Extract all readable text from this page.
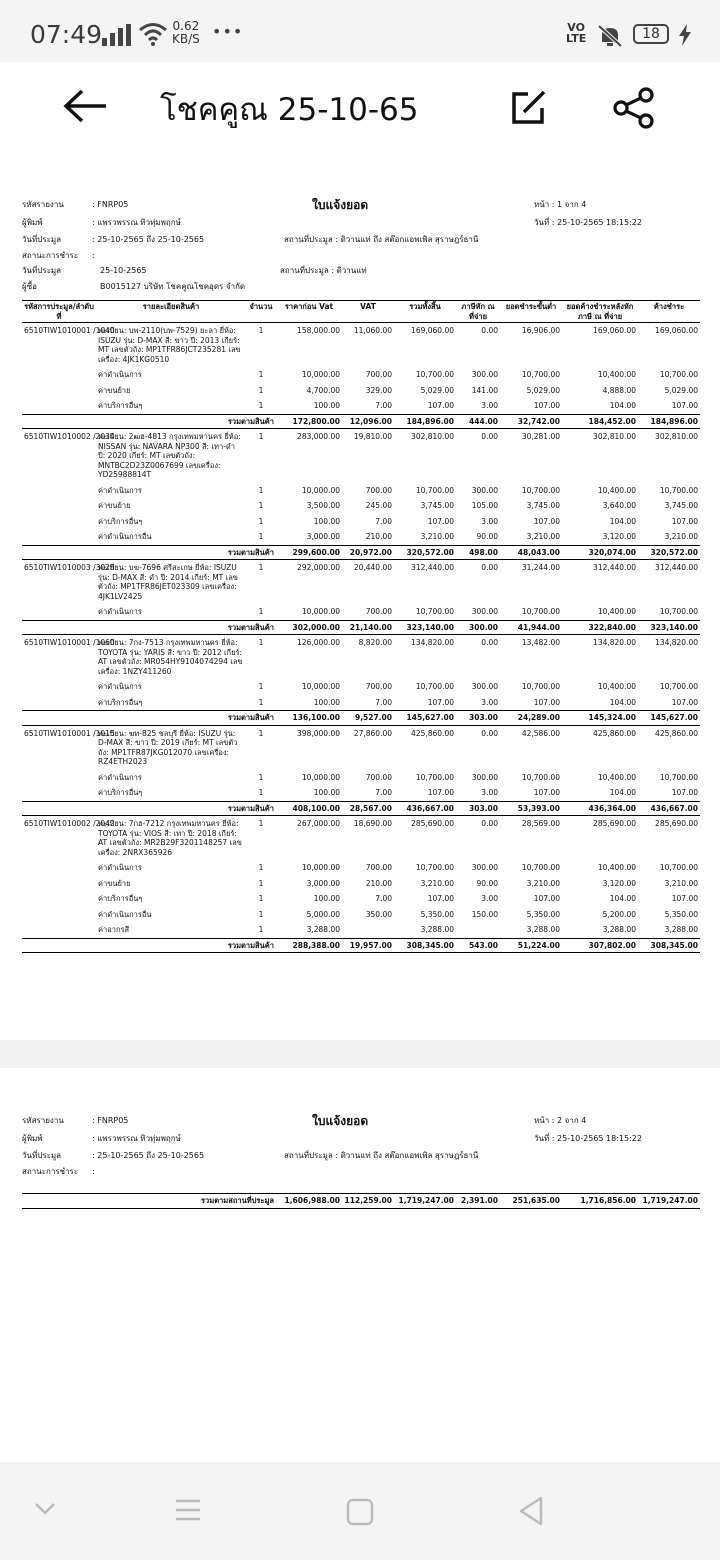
07:49	0.62
KB/S •••	VO
LTE	18
โชคคูณ 25-10-65
รหัสรายงาน	: FNRP05	ใบแจ้งยอด	หน้า : 1 จาก 4
ผู้พิมพ์	: แพรวพรรณ ทิวทุ่มพฤกษ์	วันที่ : 25-10-2565 18:15:22
วันที่ประมูล	: 25-10-2565 ถึง 25-10-2565	สถานที่ประมูล : ดิวานแท่ ถึง สต๊อกแอพเพิล สุราษฎร์ธานี
สถานะการชำระ :
วันที่ประมูล	25-10-2565	สถานที่ประมูล : ดิวานแท่
ผู้ซื้อ	B0015127 บริษัท โชคคูณโชคอุดร จำกัด
รหัสการประมูล/ลำดับที่	รายละเอียดสินค้า	จำนวน	ราคาก่อน Vat	VAT	รวมทั้งสิ้น	ภาษีหัก ณ ที่จ่าย	ยอดชำระขั้นต่ำ	ยอดค้างชำระหลังหักภาษี ณ ที่จ่าย	ค้างชำระ
6510TIW1010001 /1040	ทะเบียน: บพ-2110(บพ-7529) ยะลา ยี่ห้อ: ISUZU รุ่น: D-MAX สี: ขาว ปี: 2013 เกียร์: MT เลขตัวถัง: MP1TFR86JCT235281 เลขเครื่อง: 4JK1KG0510	1	158,000.00	11,060.00	169,060.00	0.00	16,906.00	169,060.00	169,060.00
	ค่าดำเนินการ	1	10,000.00	700.00	10,700.00	300.00	10,700.00	10,400.00	10,700.00
	ค่าขนย้าย	1	4,700.00	329.00	5,029.00	141.00	5,029.00	4,888.00	5,029.00
	ค่าบริการอื่นๆ	1	100.00	7.00	107.00	3.00	107.00	104.00	107.00
	รวมตามสินค้า		172,800.00	12,096.00	184,896.00	444.00	32,742.00	184,452.00	184,896.00
6510TIW1010002 /2034	ทะเบียน: 2ฒฮ-4813 กรุงเทพมหานคร ยี่ห้อ: NISSAN รุ่น: NAVARA NP300 สี: เทา-ดำ ปี: 2020 เกียร์: MT เลขตัวถัง: MNTBC2D23Z0067699 เลขเครื่อง: YD25988814T	1	283,000.00	19,810.00	302,810.00	0.00	30,281.00	302,810.00	302,810.00
	ค่าดำเนินการ	1	10,000.00	700.00	10,700.00	300.00	10,700.00	10,400.00	10,700.00
	ค่าขนย้าย	1	3,500.00	245.00	3,745.00	105.00	3,745.00	3,640.00	3,745.00
	ค่าบริการอื่นๆ	1	100.00	7.00	107.00	3.00	107.00	104.00	107.00
	ค่าดำเนินการอื่น	1	3,000.00	210.00	3,210.00	90.00	3,210.00	3,120.00	3,210.00
	รวมตามสินค้า		299,600.00	20,972.00	320,572.00	498.00	48,043.00	320,074.00	320,572.00
6510TIW1010003 /3028	ทะเบียน: บฆ-7696 ศรีสะเกษ ยี่ห้อ: ISUZU รุ่น: D-MAX สี: ดำ ปี: 2014 เกียร์: MT เลขตัวถัง: MP1TFR86JET023309 เลขเครื่อง: 4JK1LV2425	1	292,000.00	20,440.00	312,440.00	0.00	31,244.00	312,440.00	312,440.00
	ค่าดำเนินการ	1	10,000.00	700.00	10,700.00	300.00	10,700.00	10,400.00	10,700.00
	รวมตามสินค้า		302,000.00	21,140.00	323,140.00	300.00	41,944.00	322,840.00	323,140.00
6510TIW1010001 /1060	ทะเบียน: 7กง-7513 กรุงเทพมหานคร ยี่ห้อ: TOYOTA รุ่น: YARIS สี: ขาว ปี: 2012 เกียร์: AT เลขตัวถัง: MR054HY9104074294 เลขเครื่อง: 1NZY411260	1	126,000.00	8,820.00	134,820.00	0.00	13,482.00	134,820.00	134,820.00
	ค่าดำเนินการ	1	10,000.00	700.00	10,700.00	300.00	10,700.00	10,400.00	10,700.00
	ค่าบริการอื่นๆ	1	100.00	7.00	107.00	3.00	107.00	104.00	107.00
	รวมตามสินค้า		136,100.00	9,527.00	145,627.00	303.00	24,289.00	145,324.00	145,627.00
6510TIW1010001 /1015	ทะเบียน: ฆท-825 ชลบุรี ยี่ห้อ: ISUZU รุ่น: D-MAX สี: ขาว ปี: 2019 เกียร์: MT เลขตัวถัง: MP1TFR87JKG012070 เลขเครื่อง: RZ4ETH2023	1	398,000.00	27,860.00	425,860.00	0.00	42,586.00	425,860.00	425,860.00
	ค่าดำเนินการ	1	10,000.00	700.00	10,700.00	300.00	10,700.00	10,400.00	10,700.00
	ค่าบริการอื่นๆ	1	100.00	7.00	107.00	3.00	107.00	104.00	107.00
	รวมตามสินค้า		408,100.00	28,567.00	436,667.00	303.00	53,393.00	436,364.00	436,667.00
6510TIW1010002 /2042	ทะเบียน: 7กฮ-7212 กรุงเทพมหานคร ยี่ห้อ: TOYOTA รุ่น: VIOS สี: เทา ปี: 2018 เกียร์: AT เลขตัวถัง: MR2B29F3201148257 เลขเครื่อง: 2NRX365926	1	267,000.00	18,690.00	285,690.00	0.00	28,569.00	285,690.00	285,690.00
	ค่าดำเนินการ	1	10,000.00	700.00	10,700.00	300.00	10,700.00	10,400.00	10,700.00
	ค่าขนย้าย	1	3,000.00	210.00	3,210.00	90.00	3,210.00	3,120.00	3,210.00
	ค่าบริการอื่นๆ	1	100.00	7.00	107.00	3.00	107.00	104.00	107.00
	ค่าดำเนินการอื่น	1	5,000.00	350.00	5,350.00	150.00	5,350.00	5,200.00	5,350.00
	ค่าอากรสี	1	3,288.00		3,288.00		3,288.00	3,288.00	3,288.00
	รวมตามสินค้า		288,388.00	19,957.00	308,345.00	543.00	51,224.00	307,802.00	308,345.00
รหัสรายงาน	: FNRP05	ใบแจ้งยอด	หน้า : 2 จาก 4
ผู้พิมพ์	: แพรวพรรณ ทิวทุ่มพฤกษ์	วันที่ : 25-10-2565 18:15:22
วันที่ประมูล	: 25-10-2565 ถึง 25-10-2565	สถานที่ประมูล : ดิวานแท่ ถึง สต๊อกแอพเพิล สุราษฎร์ธานี
สถานะการชำระ :
	รวมตามสถานที่ประมูล	1,606,988.00	112,259.00	1,719,247.00	2,391.00	251,635.00	1,716,856.00	1,719,247.00
